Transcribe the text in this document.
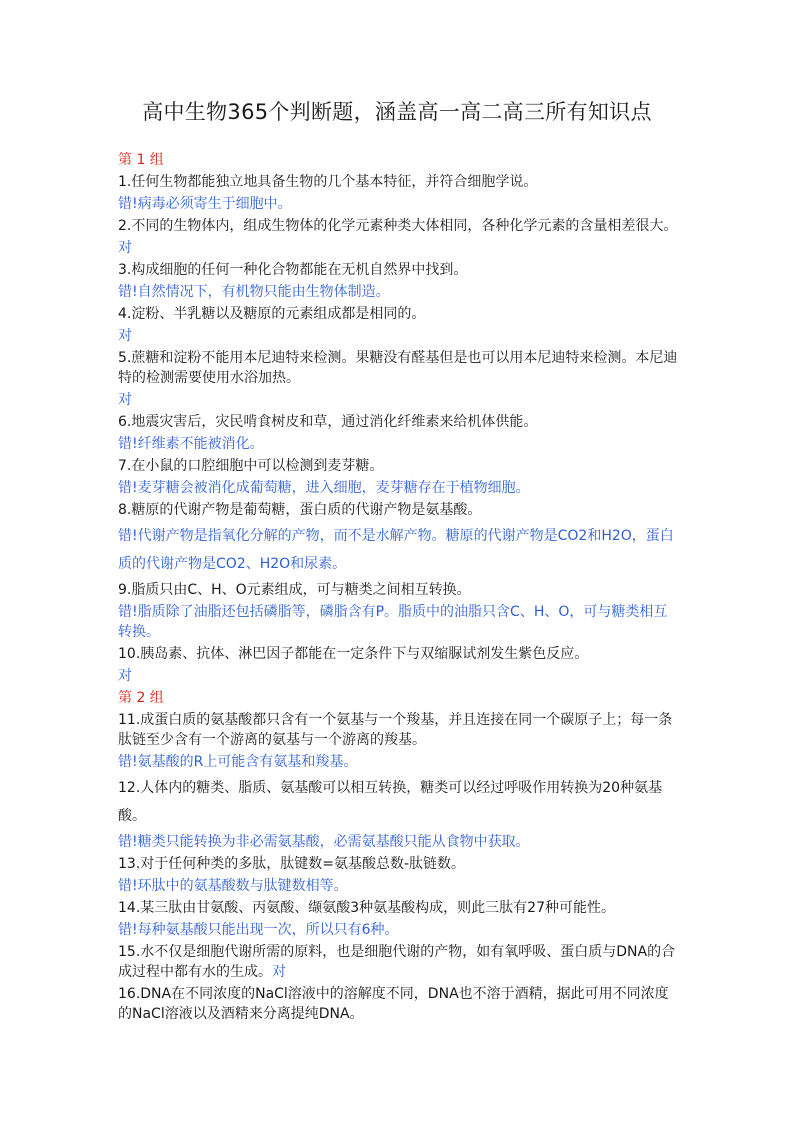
高中生物365个判断题，涵盖高一高二高三所有知识点

第 1 组

1.任何生物都能独立地具备生物的几个基本特征，并符合细胞学说。

错!病毒必须寄生于细胞中。

2.不同的生物体内，组成生物体的化学元素种类大体相同，各种化学元素的含量相差很大。

对

3.构成细胞的任何一种化合物都能在无机自然界中找到。

错!自然情况下，有机物只能由生物体制造。

4.淀粉、半乳糖以及糖原的元素组成都是相同的。

对

5.蔗糖和淀粉不能用本尼迪特来检测。果糖没有醛基但是也可以用本尼迪特来检测。本尼迪特的检测需要使用水浴加热。

对

6.地震灾害后，灾民啃食树皮和草，通过消化纤维素来给机体供能。

错!纤维素不能被消化。

7.在小鼠的口腔细胞中可以检测到麦芽糖。

错!麦芽糖会被消化成葡萄糖，进入细胞，麦芽糖存在于植物细胞。

8.糖原的代谢产物是葡萄糖，蛋白质的代谢产物是氨基酸。

错!代谢产物是指氧化分解的产物，而不是水解产物。糖原的代谢产物是CO2和H2O，蛋白质的代谢产物是CO2、H2O和尿素。

9.脂质只由C、H、O元素组成，可与糖类之间相互转换。

错!脂质除了油脂还包括磷脂等，磷脂含有P。脂质中的油脂只含C、H、O，可与糖类相互转换。

10.胰岛素、抗体、淋巴因子都能在一定条件下与双缩脲试剂发生紫色反应。

对

第 2 组

11.成蛋白质的氨基酸都只含有一个氨基与一个羧基，并且连接在同一个碳原子上；每一条肽链至少含有一个游离的氨基与一个游离的羧基。

错!氨基酸的R上可能含有氨基和羧基。

12.人体内的糖类、脂质、氨基酸可以相互转换，糖类可以经过呼吸作用转换为20种氨基酸。

错!糖类只能转换为非必需氨基酸，必需氨基酸只能从食物中获取。

13.对于任何种类的多肽，肽键数=氨基酸总数-肽链数。

错!环肽中的氨基酸数与肽键数相等。

14.某三肽由甘氨酸、丙氨酸、缬氨酸3种氨基酸构成，则此三肽有27种可能性。

错!每种氨基酸只能出现一次，所以只有6种。

15.水不仅是细胞代谢所需的原料，也是细胞代谢的产物，如有氧呼吸、蛋白质与DNA的合成过程中都有水的生成。对

16.DNA在不同浓度的NaCl溶液中的溶解度不同，DNA也不溶于酒精，据此可用不同浓度的NaCl溶液以及酒精来分离提纯DNA。
